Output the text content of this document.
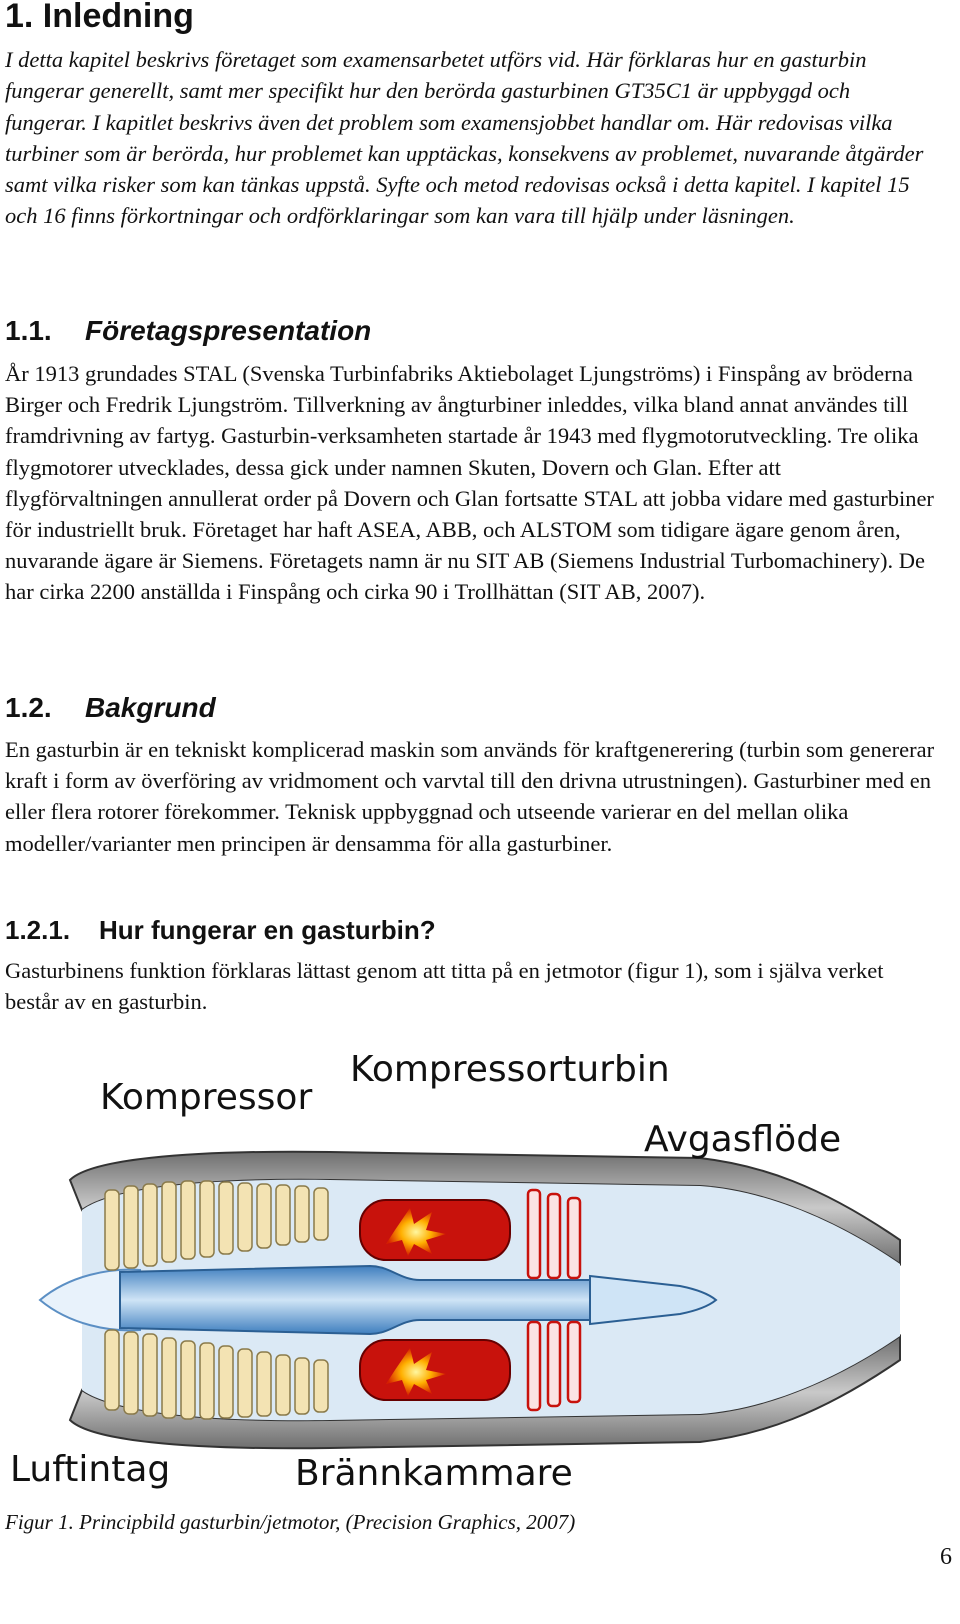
1. Inledning

I detta kapitel beskrivs företaget som examensarbetet utförs vid. Här förklaras hur en gasturbin fungerar generellt, samt mer specifikt hur den berörda gasturbinen GT35C1 är uppbyggd och fungerar. I kapitlet beskrivs även det problem som examensjobbet handlar om. Här redovisas vilka turbiner som är berörda, hur problemet kan upptäckas, konsekvens av problemet, nuvarande åtgärder samt vilka risker som kan tänkas uppstå. Syfte och metod redovisas också i detta kapitel. I kapitel 15 och 16 finns förkortningar och ordförklaringar som kan vara till hjälp under läsningen.

1.1. Företagspresentation

År 1913 grundades STAL (Svenska Turbinfabriks Aktiebolaget Ljungströms) i Finspång av bröderna Birger och Fredrik Ljungström. Tillverkning av ångturbiner inleddes, vilka bland annat användes till framdrivning av fartyg. Gasturbin-verksamheten startade år 1943 med flygmotorutveckling. Tre olika flygmotorer utvecklades, dessa gick under namnen Skuten, Dovern och Glan. Efter att flygförvaltningen annullerat order på Dovern och Glan fortsatte STAL att jobba vidare med gasturbiner för industriellt bruk. Företaget har haft ASEA, ABB, och ALSTOM som tidigare ägare genom åren, nuvarande ägare är Siemens. Företagets namn är nu SIT AB (Siemens Industrial Turbomachinery). De har cirka 2200 anställda i Finspång och cirka 90 i Trollhättan (SIT AB, 2007).

1.2. Bakgrund

En gasturbin är en tekniskt komplicerad maskin som används för kraftgenerering (turbin som genererar kraft i form av överföring av vridmoment och varvtal till den drivna utrustningen). Gasturbiner med en eller flera rotorer förekommer. Teknisk uppbyggnad och utseende varierar en del mellan olika modeller/varianter men principen är densamma för alla gasturbiner.

1.2.1. Hur fungerar en gasturbin?

Gasturbinens funktion förklaras lättast genom att titta på en jetmotor (figur 1), som i själva verket består av en gasturbin.

Kompressor
Kompressorturbin
Avgasflöde
Luftintag	Brännkammare

Figur 1. Principbild gasturbin/jetmotor, (Precision Graphics, 2007)

6
